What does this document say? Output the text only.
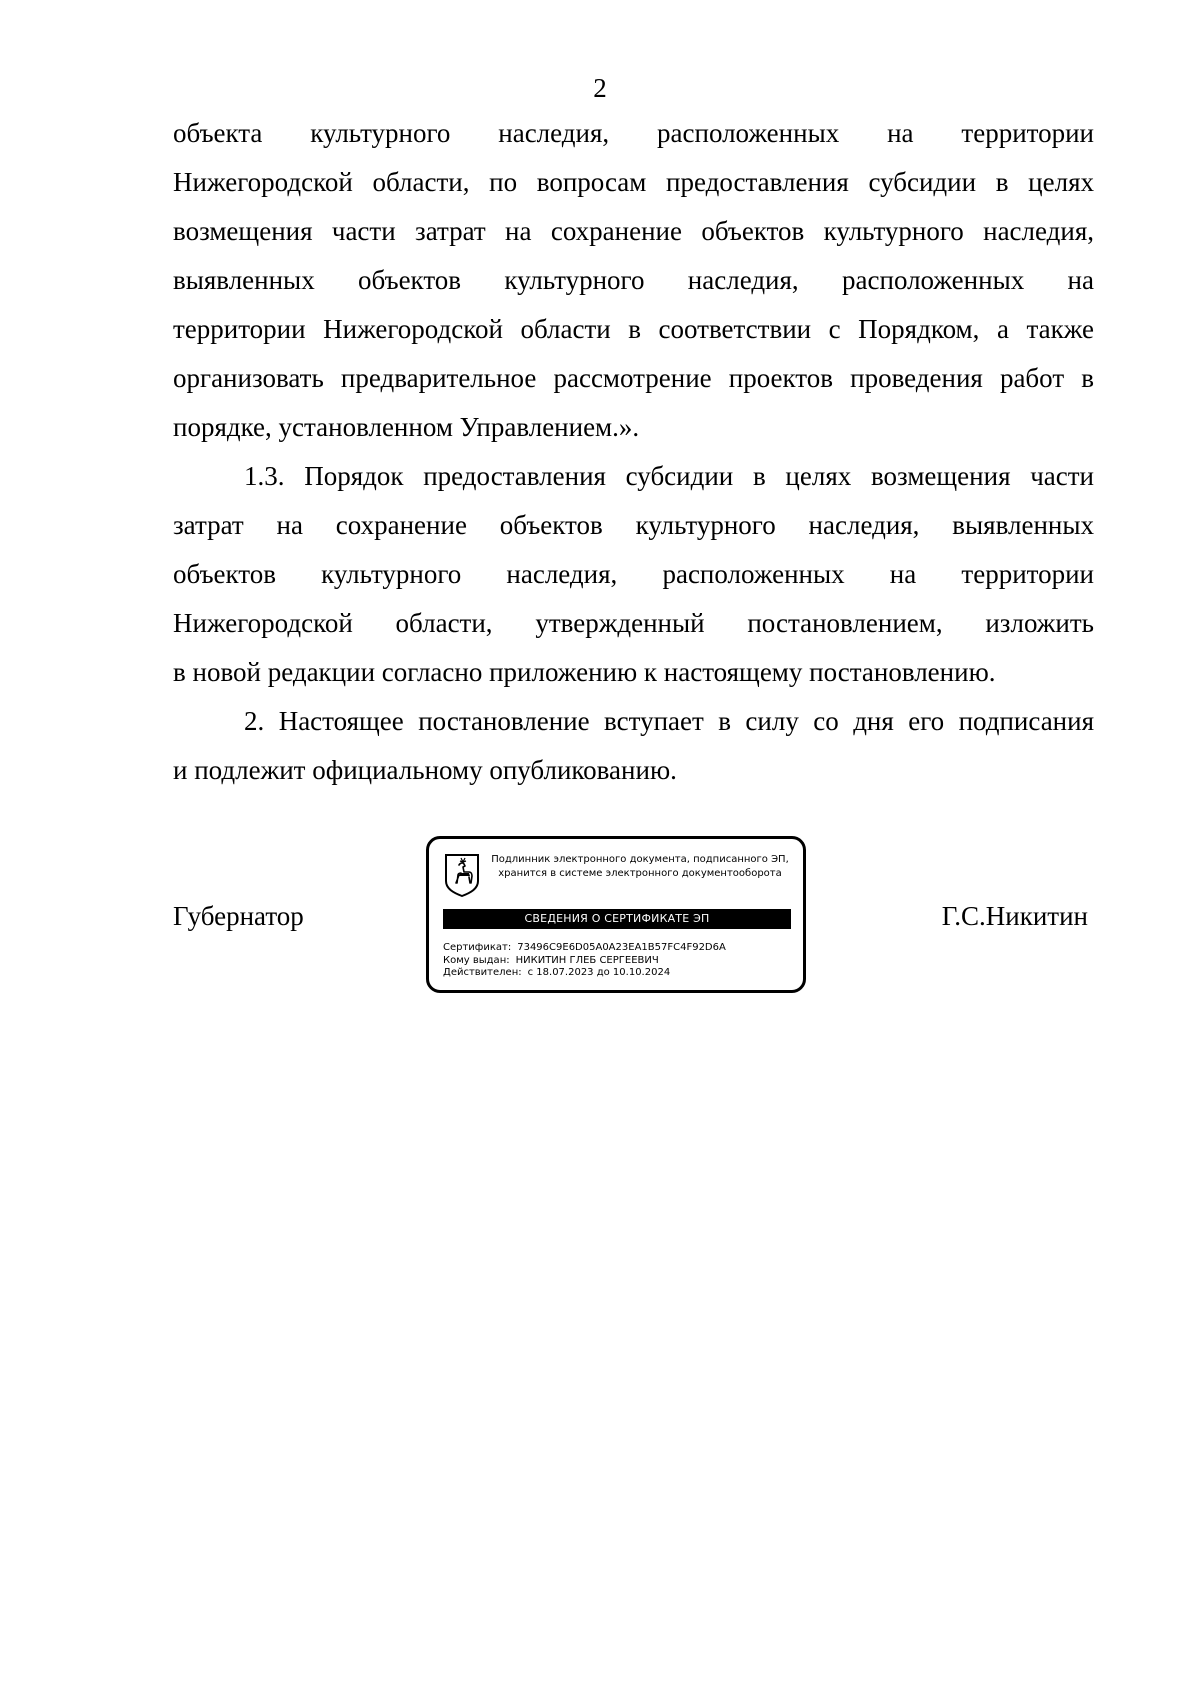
2
объекта культурного наследия, расположенных на территории
Нижегородской области, по вопросам предоставления субсидии в целях
возмещения части затрат на сохранение объектов культурного наследия,
выявленных объектов культурного наследия, расположенных на
территории Нижегородской области в соответствии с Порядком, а также
организовать предварительное рассмотрение проектов проведения работ в
порядке, установленном Управлением.».
1.3. Порядок предоставления субсидии в целях возмещения части
затрат на сохранение объектов культурного наследия, выявленных
объектов культурного наследия, расположенных на территории
Нижегородской области, утвержденный постановлением, изложить
в новой редакции согласно приложению к настоящему постановлению.
2. Настоящее постановление вступает в силу со дня его подписания
и подлежит официальному опубликованию.
Губернатор
Подлинник электронного документа, подписанного ЭП,
хранится в системе электронного документооборота
СВЕДЕНИЯ О СЕРТИФИКАТЕ ЭП
Сертификат: 73496C9E6D05A0A23EA1B57FC4F92D6A
Кому выдан: НИКИТИН ГЛЕБ СЕРГЕЕВИЧ
Действителен: с 18.07.2023 до 10.10.2024
Г.С.Никитин
